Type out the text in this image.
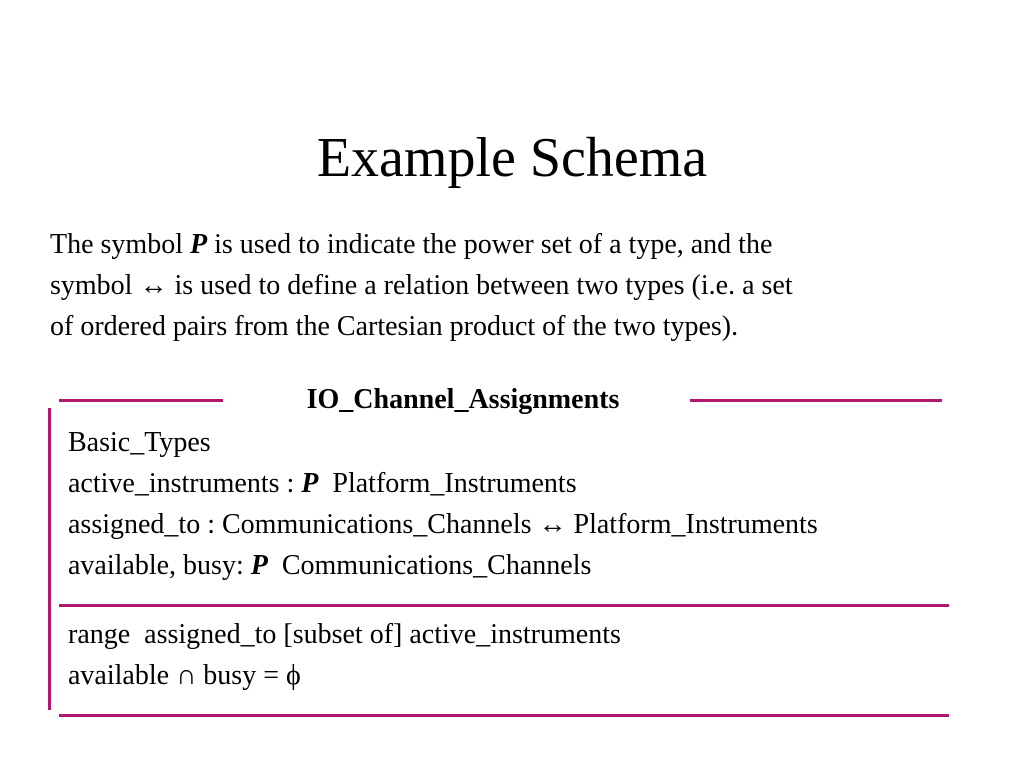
Example Schema
The symbol P is used to indicate the power set of a type, and the
symbol ↔ is used to define a relation between two types (i.e. a set
of ordered pairs from the Cartesian product of the two types).
IO_Channel_Assignments
Basic_Types
active_instruments : P  Platform_Instruments
assigned_to : Communications_Channels ↔ Platform_Instruments
available, busy: P  Communications_Channels
range  assigned_to [subset of] active_instruments
available ∩ busy = ϕ
